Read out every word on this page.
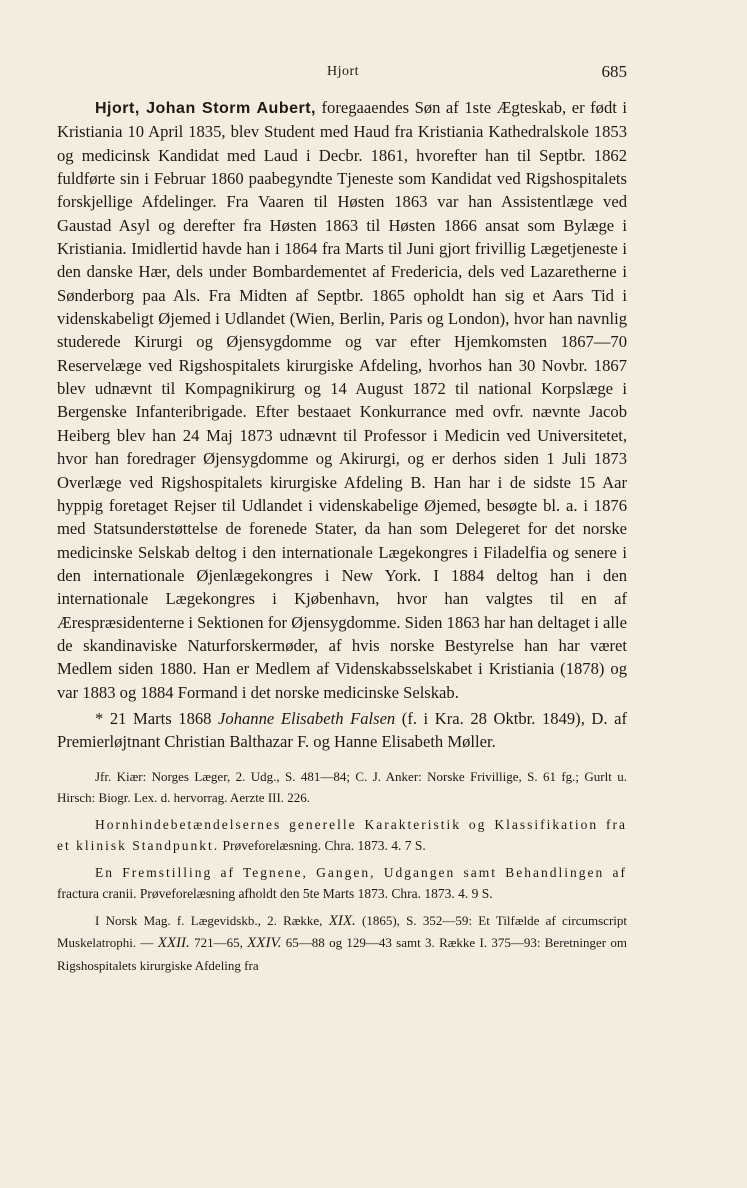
Hjort	685

Hjort, Johan Storm Aubert, foregaaendes Søn af 1ste Ægteskab, er født i Kristiania 10 April 1835, blev Student med Haud fra Kristiania Kathedralskole 1853 og medicinsk Kandidat med Laud i Decbr. 1861, hvorefter han til Septbr. 1862 fuldførte sin i Februar 1860 paabegyndte Tjeneste som Kandidat ved Rigshospitalets forskjellige Afdelinger. Fra Vaaren til Høsten 1863 var han Assistentlæge ved Gaustad Asyl og derefter fra Høsten 1863 til Høsten 1866 ansat som Bylæge i Kristiania. Imidlertid havde han i 1864 fra Marts til Juni gjort frivillig Lægetjeneste i den danske Hær, dels under Bombardementet af Fredericia, dels ved Lazaretherne i Sønderborg paa Als. Fra Midten af Septbr. 1865 opholdt han sig et Aars Tid i videnskabeligt Øjemed i Udlandet (Wien, Berlin, Paris og London), hvor han navnlig studerede Kirurgi og Øjensygdomme og var efter Hjemkomsten 1867—70 Reservelæge ved Rigshospitalets kirurgiske Afdeling, hvorhos han 30 Novbr. 1867 blev udnævnt til Kompagnikirurg og 14 August 1872 til national Korpslæge i Bergenske Infanteribrigade. Efter bestaaet Konkurrance med ovfr. nævnte Jacob Heiberg blev han 24 Maj 1873 udnævnt til Professor i Medicin ved Universitetet, hvor han foredrager Øjensygdomme og Akirurgi, og er derhos siden 1 Juli 1873 Overlæge ved Rigshospitalets kirurgiske Afdeling B. Han har i de sidste 15 Aar hyppig foretaget Rejser til Udlandet i videnskabelige Øjemed, besøgte bl. a. i 1876 med Statsunderstøttelse de forenede Stater, da han som Delegeret for det norske medicinske Selskab deltog i den internationale Lægekongres i Filadelfia og senere i den internationale Øjenlægekongres i New York. I 1884 deltog han i den internationale Lægekongres i Kjøbenhavn, hvor han valgtes til en af Ærespræsidenterne i Sektionen for Øjensygdomme. Siden 1863 har han deltaget i alle de skandinaviske Naturforskermøder, af hvis norske Bestyrelse han har været Medlem siden 1880. Han er Medlem af Videnskabsselskabet i Kristiania (1878) og var 1883 og 1884 Formand i det norske medicinske Selskab.

* 21 Marts 1868 Johanne Elisabeth Falsen (f. i Kra. 28 Oktbr. 1849), D. af Premierløjtnant Christian Balthazar F. og Hanne Elisabeth Møller.

Jfr. Kiær: Norges Læger, 2. Udg., S. 481—84; C. J. Anker: Norske Frivillige, S. 61 fg.; Gurlt u. Hirsch: Biogr. Lex. d. hervorrag. Aerzte III. 226.

Hornhindebetændelsernes generelle Karakteristik og Klassifikation fra et klinisk Standpunkt. Prøveforelæsning. Chra. 1873. 4. 7 S.

En Fremstilling af Tegnene, Gangen, Udgangen samt Behandlingen af fractura cranii. Prøveforelæsning afholdt den 5te Marts 1873. Chra. 1873. 4. 9 S.

I Norsk Mag. f. Lægevidskb., 2. Række, XIX. (1865), S. 352—59: Et Tilfælde af circumscript Muskelatrophi. — XXII. 721—65, XXIV. 65—88 og 129—43 samt 3. Række I. 375—93: Beretninger om Rigshospitalets kirurgiske Afdeling fra
